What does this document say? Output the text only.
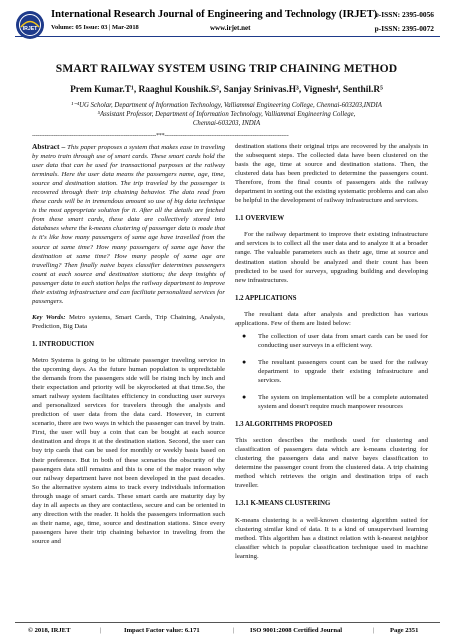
IRJET
International Research Journal of Engineering and Technology (IRJET)
Volume: 05 Issue: 03 | Mar-2018	www.irjet.net
e-ISSN: 2395-0056
p-ISSN: 2395-0072
SMART RAILWAY SYSTEM USING TRIP CHAINING METHOD
Prem Kumar.T¹, Raaghul Koushik.S², Sanjay Srinivas.H³, Vignesh⁴, Senthil.R⁵
¹⁻⁴UG Scholar, Department of Information Technology, Valliammai Engineering College, Chennai-603203,INDIA
⁵Assistant Professor, Department of Information Technology, Valliammai Engineering College,
Chennai-603203, INDIA
---------------------------------------------------------------------***---------------------------------------------------------------------

Abstract – This paper proposes a system that makes ease in traveling by metro train through use of smart cards. These smart cards hold the user data that can be used for transactional purposes at the railway terminals. Here the user data means the passengers name, age, time, source and destination station. The trip traveled by the passenger is recovered through their trip chaining behavior. The data read from these cards will be in tremendous amount so use of big data technique is the most appropriate solution for it. After all the details are fetched from these smart cards, these data are collectively stored into databases where the k-means clustering of passenger data is made that is it's like how many passengers of same age have travelled from the source at same time? How many passengers of same age have the destination at same time? How many people of same age are travelling? Then finally naive bayes classifier determines passengers count at each source and destination stations; the deep insights of passenger data in each station helps the railway department to improve their existing infrastructure and can facilitate personalized services for passengers.

Key Words: Metro systems, Smart Cards, Trip Chaining, Analysis, Prediction, Big Data

1. INTRODUCTION

Metro Systems is going to be ultimate passenger traveling service in the upcoming days. As the future human population is unpredictable the demands from the passengers side will be rising inch by inch and their expectation and priority will be skyrocketed at that time.So, the smart railway system facilitates efficiency in conducting user surveys and personalized services for travelers through the analysis and prediction of user data from the data card. However, in current scenario, there are two ways in which the passenger can travel by train. First, the user will buy a coin that can be bought at each source destination and drops it at the destination station. Second, the user can buy trip cards that can be used for monthly or weekly basis based on their preference. But in both of these scenarios the obscurity of the passengers data still remains and this is one of the major reason why our railway department have not been developed in the past decades. So the alternative system aims to track every individuals information through usage of smart cards. These smart cards are maturity day by day in all aspects as they are contactless, secure and can be oriented in any direction with the reader. It holds the passengers information such as their name, age, time, source and destination stations. Since every passengers have their trip chaining behavior in traveling from the source and

destination stations their original trips are recovered by the analysis in the subsequent steps. The collected data have been clustered on the basis the age, time at source and destination stations. Then, the clustered data has been predicted to determine the passengers count. Therefore, from the final counts of passengers aids the railway department in sorting out the existing systematic problems and can also be helpful in the development of railway infrastructure and services.

1.1 OVERVIEW

For the railway department to improve their existing infrastructure and services is to collect all the user data and to analyze it at a broader range. The valuable parameters such as their age, time at source and destination station should be analyzed and their count has been predicted to be used for surveys, upgrading building and developing new infrastructures.

1.2 APPLICATIONS

The resultant data after analysis and prediction has various applications. Few of them are listed below:

● The collection of user data from smart cards can be used for conducting user surveys in a efficient way.
● The resultant passengers count can be used for the railway department to upgrade their existing infrastructure and services.
● The system on implementation will be a complete automated system and doesn't require much manpower resources
1.3 ALGORITHMS PROPOSED

This section describes the methods used for clustering and classification of passengers data which are k-means clustering for clustering the passengers data and naive bayes classification to determine the passenger count from the clustered data. A trip chaining method which retrieves the origin and destination trips of each traveller.

1.3.1 K-MEANS CLUSTERING

K-means clustering is a well-known clustering algorithm suited for clustering similar kind of data. It is a kind of unsupervised learning method. This algorithm has a distinct relation with k-nearest neighbor classifier which is popular classification technique used in machine learning.

© 2018, IRJET	|	Impact Factor value: 6.171	| ISO 9001:2008 Certified Journal	| Page 2351
